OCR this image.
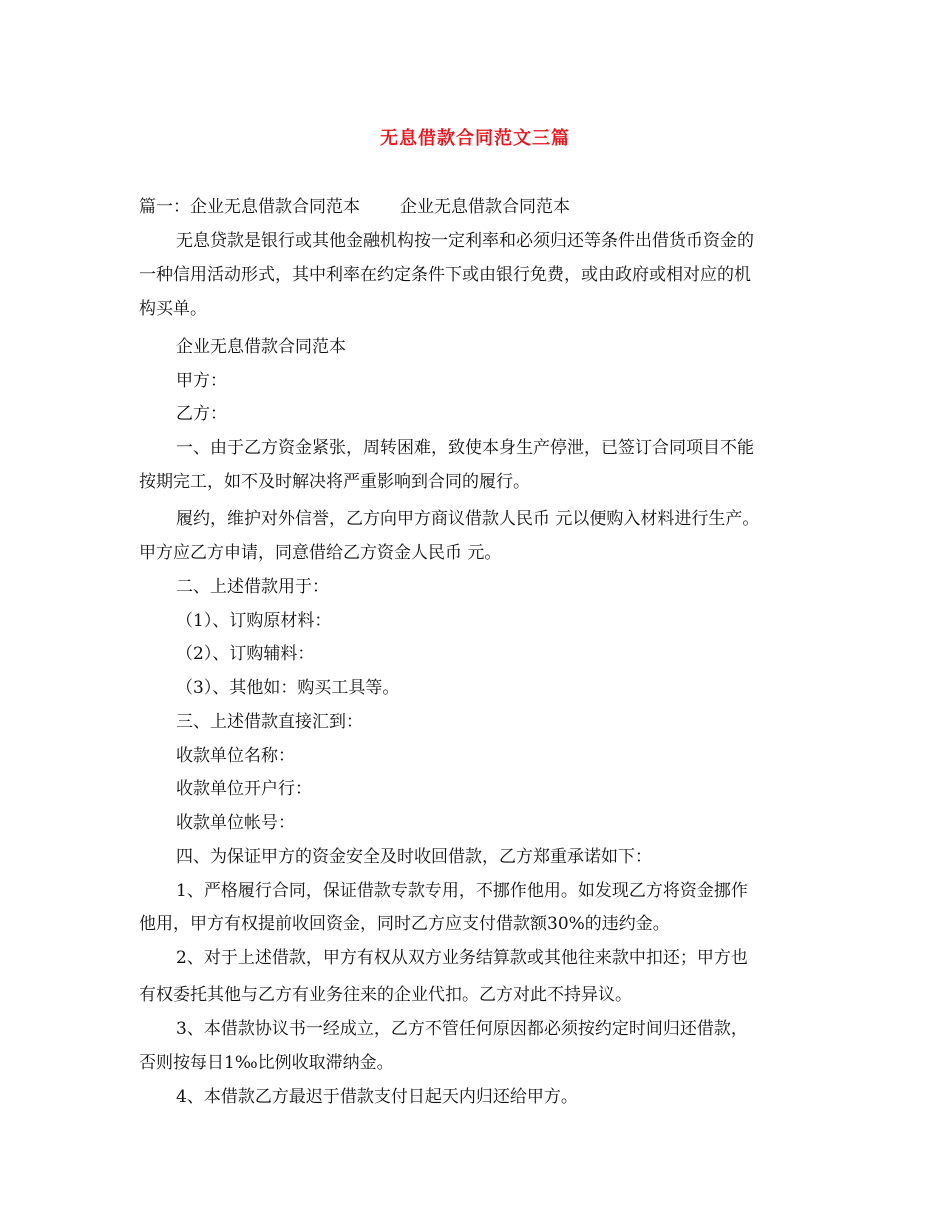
无息借款合同范文三篇
篇一：企业无息借款合同范本 企业无息借款合同范本
无息贷款是银行或其他金融机构按一定利率和必须归还等条件出借货币资金的
一种信用活动形式，其中利率在约定条件下或由银行免费，或由政府或相对应的机
构买单。
企业无息借款合同范本
甲方：
乙方：
一、由于乙方资金紧张，周转困难，致使本身生产停泄，已签订合同项目不能
按期完工，如不及时解决将严重影响到合同的履行。
履约，维护对外信誉，乙方向甲方商议借款人民币 元以便购入材料进行生产。
甲方应乙方申请，同意借给乙方资金人民币 元。
二、上述借款用于：
（1）、订购原材料：
（2）、订购辅料：
（3）、其他如：购买工具等。
三、上述借款直接汇到：
收款单位名称：
收款单位开户行：
收款单位帐号：
四、为保证甲方的资金安全及时收回借款，乙方郑重承诺如下：
1、严格履行合同，保证借款专款专用，不挪作他用。如发现乙方将资金挪作
他用，甲方有权提前收回资金，同时乙方应支付借款额30%的违约金。
2、对于上述借款，甲方有权从双方业务结算款或其他往来款中扣还；甲方也
有权委托其他与乙方有业务往来的企业代扣。乙方对此不持异议。
3、本借款协议书一经成立，乙方不管任何原因都必须按约定时间归还借款，
否则按每日1‰比例收取滞纳金。
4、本借款乙方最迟于借款支付日起天内归还给甲方。
